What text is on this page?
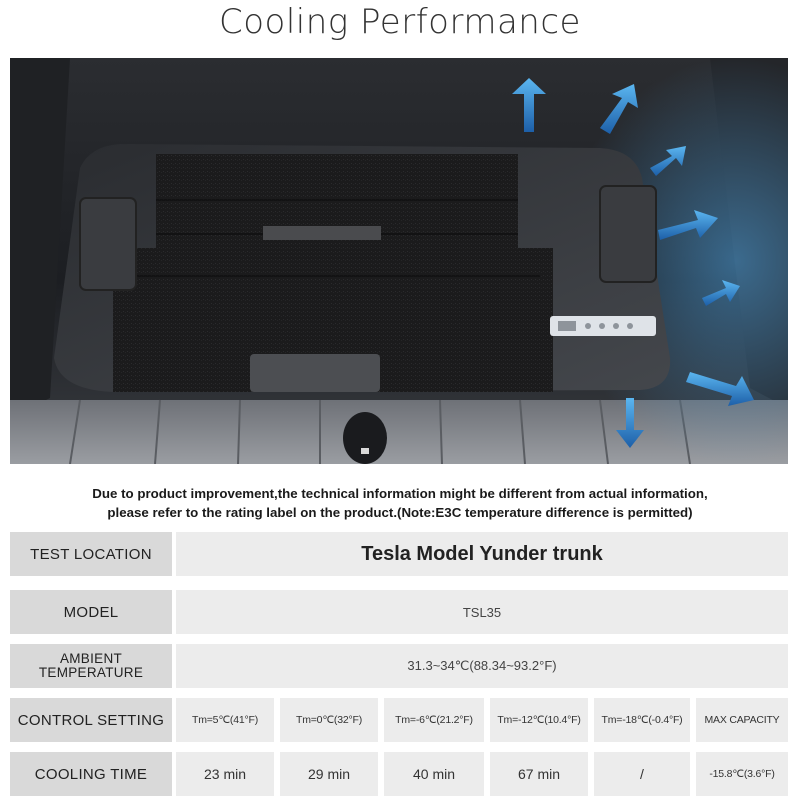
Cooling Performance
Due to product improvement,the technical information might be different from actual information,
please refer to the rating label on the product.(Note:E3C temperature difference is permitted)
TEST LOCATION	Tesla Model Yunder trunk
MODEL	TSL35
AMBIENT
TEMPERATURE	31.3~34℃(88.34~93.2°F)
CONTROL SETTING	Tm=5℃(41°F)	Tm=0℃(32°F)	Tm=-6℃(21.2°F)	Tm=-12℃(10.4°F)	Tm=-18℃(-0.4°F)	MAX CAPACITY
COOLING TIME	23 min	29 min	40 min	67 min	/	-15.8℃(3.6°F)
